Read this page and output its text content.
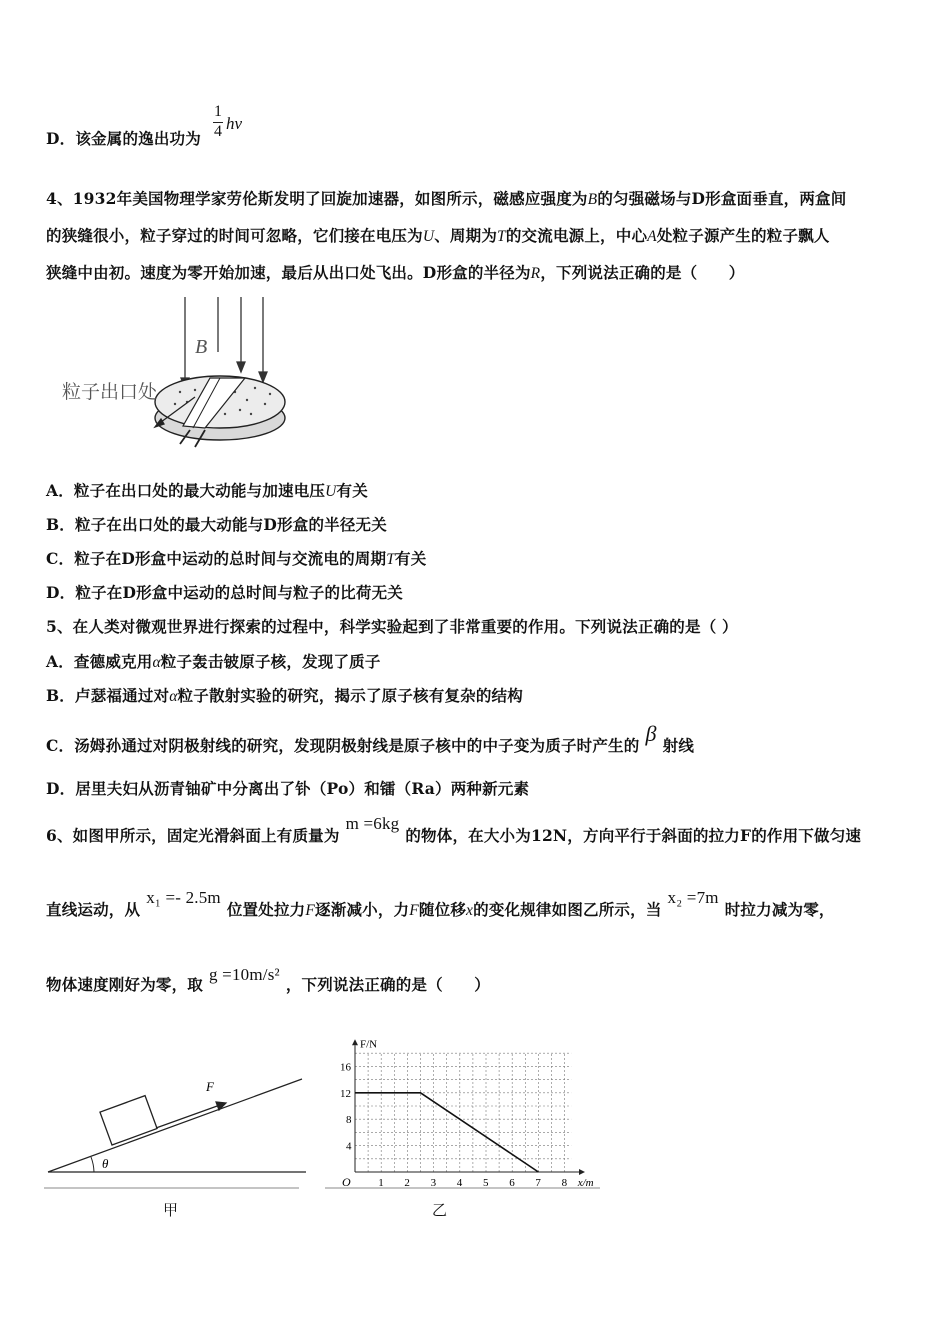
D．该金属的逸出功为 $\frac{1}{4}$ hν
4、1932年美国物理学家劳伦斯发明了回旋加速器，如图所示，磁感应强度为B的匀强磁场与D形盒面垂直，两盒间
的狭缝很小，粒子穿过的时间可忽略，它们接在电压为U、周期为T的交流电源上，中心A处粒子源产生的粒子飘人
狭缝中由初。速度为零开始加速，最后从出口处飞出。D形盒的半径为R，下列说法正确的是（　　）
B
粒子出口处
A．粒子在出口处的最大动能与加速电压U有关
B．粒子在出口处的最大动能与D形盒的半径无关
C．粒子在D形盒中运动的总时间与交流电的周期T有关
D．粒子在D形盒中运动的总时间与粒子的比荷无关
5、在人类对微观世界进行探索的过程中，科学实验起到了非常重要的作用。下列说法正确的是（ ）
A．查德威克用α粒子轰击铍原子核，发现了质子
B．卢瑟福通过对α粒子散射实验的研究，揭示了原子核有复杂的结构
C．汤姆孙通过对阴极射线的研究，发现阴极射线是原子核中的中子变为质子时产生的 β 射线
D．居里夫妇从沥青铀矿中分离出了钋（Po）和镭（Ra）两种新元素
6、如图甲所示，固定光滑斜面上有质量为m =6kg的物体，在大小为12N，方向平行于斜面的拉力F的作用下做匀速
直线运动，从x₁ =- 2.5m位置处拉力F逐渐减小，力F随位移x的变化规律如图乙所示，当x₂ =7m时拉力减为零，
物体速度刚好为零，取g =10m/s²，下列说法正确的是（　　）
θ
F
甲
1 2 3 4 5 6 7 8
4
8
12
16
F/N
x/m
O
乙
